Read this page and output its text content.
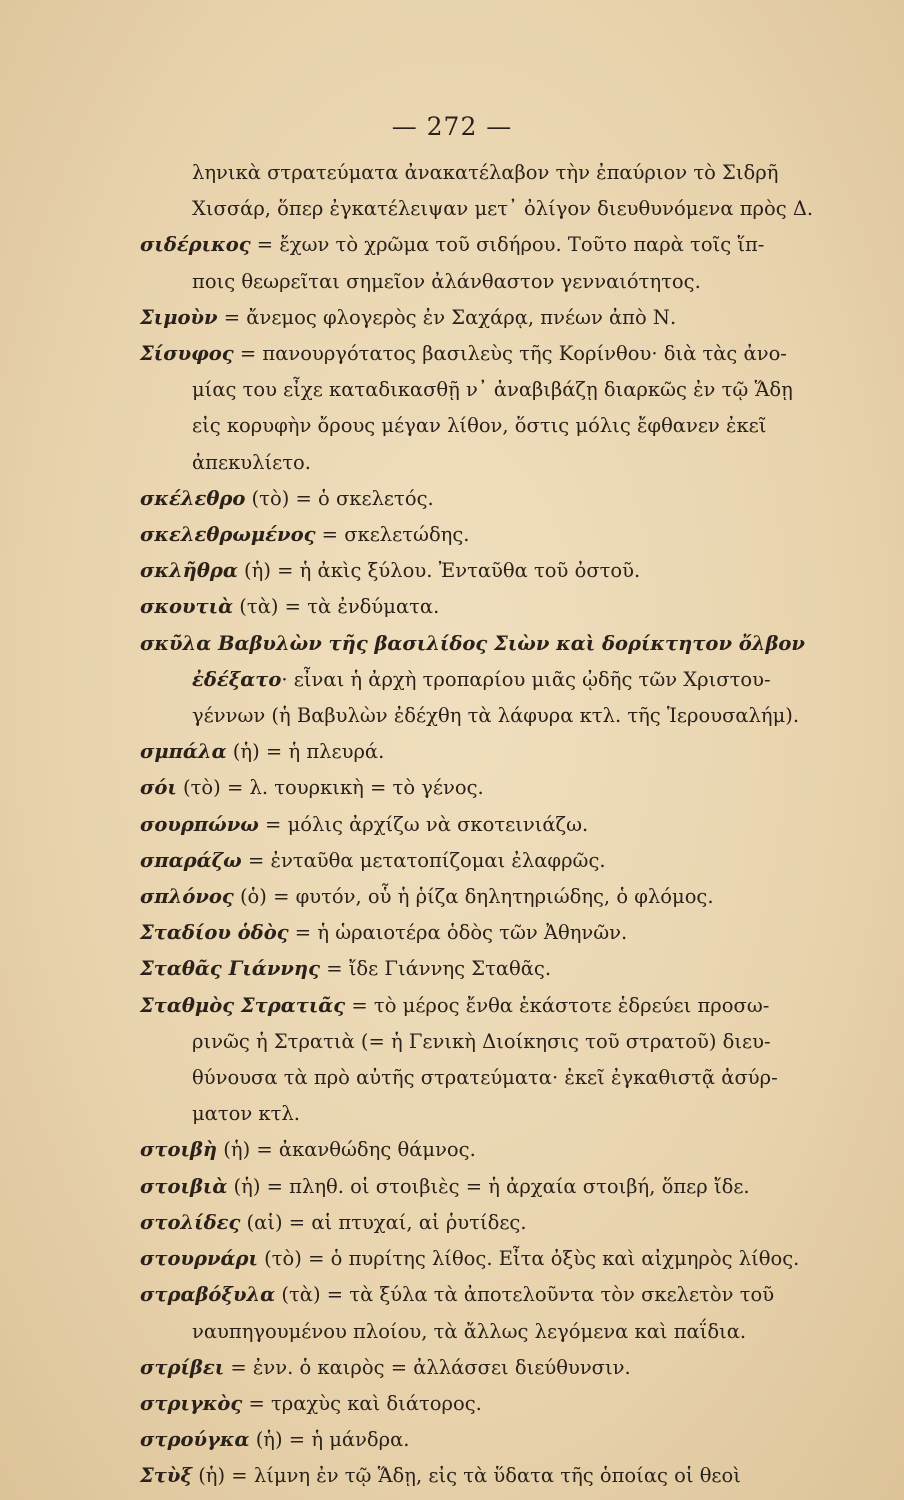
— 272 —
ληνικὰ στρατεύματα ἀνακατέλαβον τὴν ἐπαύριον τὸ Σιδρῆ
Χισσάρ, ὅπερ ἐγκατέλειψαν μετ᾽ ὀλίγον διευθυνόμενα πρὸς Δ.
σιδέρικος = ἔχων τὸ χρῶμα τοῦ σιδήρου. Τοῦτο παρὰ τοῖς ἵπ-
ποις θεωρεῖται σημεῖον ἀλάνθαστον γενναιότητος.
Σιμοὺν = ἄνεμος φλογερὸς ἐν Σαχάρᾳ, πνέων ἀπὸ Ν.
Σίσυφος = πανουργότατος βασιλεὺς τῆς Κορίνθου· διὰ τὰς ἀνο-
μίας του εἶχε καταδικασθῇ ν᾽ ἀναβιβάζῃ διαρκῶς ἐν τῷ Ἅδῃ
εἰς κορυφὴν ὄρους μέγαν λίθον, ὅστις μόλις ἔφθανεν ἐκεῖ
ἀπεκυλίετο.
σκέλεθρο (τὸ) = ὁ σκελετός.
σκελεθρωμένος = σκελετώδης.
σκλῆθρα (ἡ) = ἡ ἀκὶς ξύλου. Ἐνταῦθα τοῦ ὀστοῦ.
σκουτιὰ (τὰ) = τὰ ἐνδύματα.
σκῦλα Βαβυλὼν τῆς βασιλίδος Σιὼν καὶ δορίκτητον ὄλβον
ἐδέξατο· εἶναι ἡ ἀρχὴ τροπαρίου μιᾶς ᾠδῆς τῶν Χριστου-
γέννων (ἡ Βαβυλὼν ἐδέχθη τὰ λάφυρα κτλ. τῆς Ἱερουσαλήμ).
σμπάλα (ἡ) = ἡ πλευρά.
σόι (τὸ) = λ. τουρκικὴ = τὸ γένος.
σουρπώνω = μόλις ἀρχίζω νὰ σκοτεινιάζω.
σπαράζω = ἐνταῦθα μετατοπίζομαι ἐλαφρῶς.
σπλόνος (ὁ) = φυτόν, οὗ ἡ ῥίζα δηλητηριώδης, ὁ φλόμος.
Σταδίου ὁδὸς = ἡ ὡραιοτέρα ὁδὸς τῶν Ἀθηνῶν.
Σταθᾶς Γιάννης = ἴδε Γιάννης Σταθᾶς.
Σταθμὸς Στρατιᾶς = τὸ μέρος ἔνθα ἑκάστοτε ἑδρεύει προσω-
ρινῶς ἡ Στρατιὰ (= ἡ Γενικὴ Διοίκησις τοῦ στρατοῦ) διευ-
θύνουσα τὰ πρὸ αὐτῆς στρατεύματα· ἐκεῖ ἐγκαθιστᾷ ἀσύρ-
ματον κτλ.
στοιβὴ (ἡ) = ἀκανθώδης θάμνος.
στοιβιὰ (ἡ) = πληθ. οἱ στοιβιὲς = ἡ ἀρχαία στοιβή, ὅπερ ἴδε.
στολίδες (αἱ) = αἱ πτυχαί, αἱ ῥυτίδες.
στουρνάρι (τὸ) = ὁ πυρίτης λίθος. Εἶτα ὀξὺς καὶ αἰχμηρὸς λίθος.
στραβόξυλα (τὰ) = τὰ ξύλα τὰ ἀποτελοῦντα τὸν σκελετὸν τοῦ
ναυπηγουμένου πλοίου, τὰ ἄλλως λεγόμενα καὶ παΐδια.
στρίβει = ἐνν. ὁ καιρὸς = ἀλλάσσει διεύθυνσιν.
στριγκὸς = τραχὺς καὶ διάτορος.
στρούγκα (ἡ) = ἡ μάνδρα.
Στὺξ (ἡ) = λίμνη ἐν τῷ Ἅδῃ, εἰς τὰ ὕδατα τῆς ὁποίας οἱ θεοὶ
